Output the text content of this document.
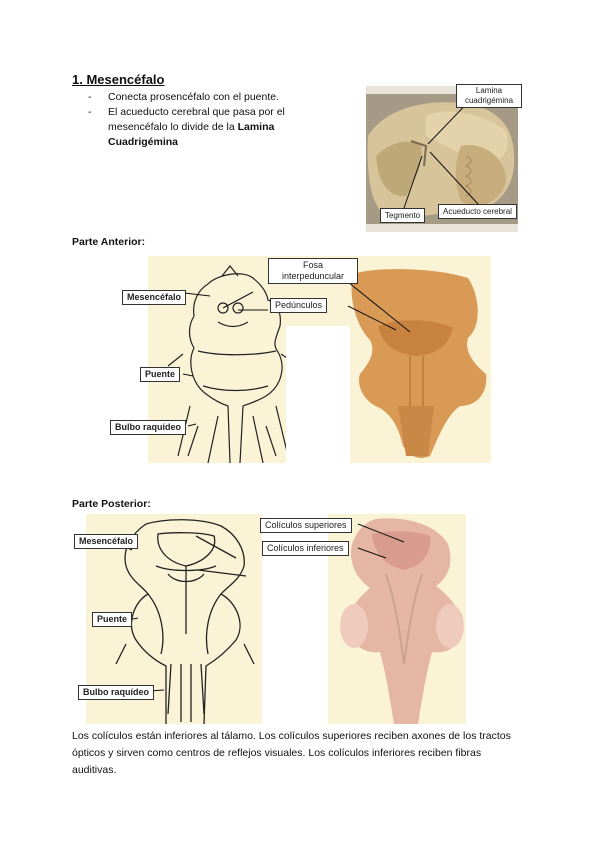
1. Mesencéfalo
- Conecta prosencéfalo con el puente.
- El acueducto cerebral que pasa por el mesencéfalo lo divide de la Lamina Cuadrigémina
Lamina cuadrigémina
Tegmento	Acueducto cerebral
Parte Anterior:
Mesencéfalo
Fosa interpeduncular
Pedúnculos
Puente
Bulbo raquídeo
Parte Posterior:
Mesencéfalo
Colículos superiores
Colículos inferiores
Puente
Bulbo raquídeo
Los colículos están inferiores al tálamo. Los colículos superiores reciben axones de los tractos ópticos y sirven como centros de reflejos visuales. Los colículos inferiores reciben fibras auditivas.
